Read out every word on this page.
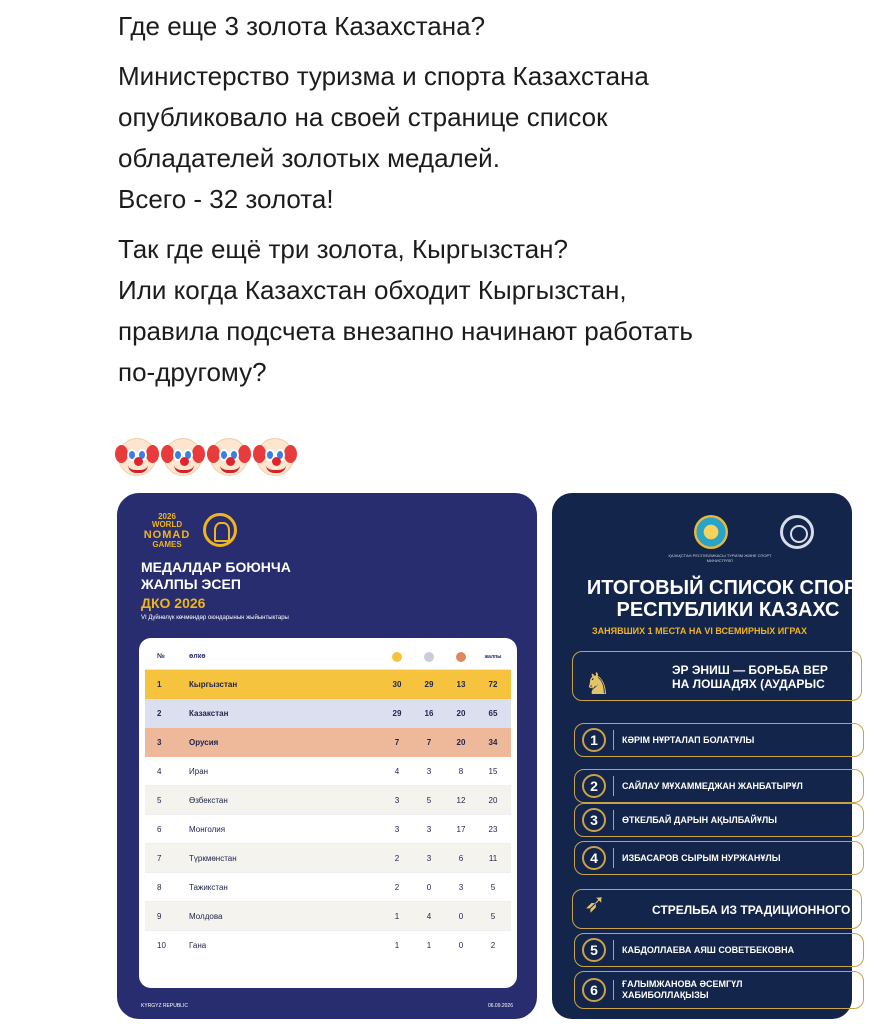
Где еще 3 золота Казахстана?

Министерство туризма и спорта Казахстана

опубликовало на своей странице список

обладателей золотых медалей.

Всего - 32 золота!

Так где ещё три золота, Кыргызстан?

Или когда Казахстан обходит Кыргызстан,

правила подсчета внезапно начинают работать

по-другому?

2026
WORLD
NOMAD
GAMES
МЕДАЛДАР БОЮНЧА
ЖАЛПЫ ЭСЕП
ДКО 2026
VI Дүйнөлүк көчмөндөр оюндарынын жыйынтыктары
№	өлкө	жалпы
1	Кыргызстан	30	29	13	72
2	Казакстан	29	16	20	65
3	Орусия	7	7	20	34
4	Иран	4	3	8	15
5	Өзбекстан	3	5	12	20
6	Монголия	3	3	17	23
7	Түркмөнстан	2	3	6	11
8	Тажикстан	2	0	3	5
9	Молдова	1	4	0	5
10	Гана	1	1	0	2
KYRGYZ REPUBLIC	06.09.2026
ҚАЗАҚСТАН РЕСПУБЛИКАСЫ ТУРИЗМ ЖӘНЕ СПОРТ МИНИСТРЛІГІ
ИТОГОВЫЙ СПИСОК СПОРТ
РЕСПУБЛИКИ КАЗАХС
ЗАНЯВШИХ 1 МЕСТА НА VI ВСЕМИРНЫХ ИГРАХ
♞	ЭР ЭНИШ — БОРЬБА ВЕР
НА ЛОШАДЯХ (АУДАРЫС
1	КӘРІМ НҰРТАЛАП БОЛАТҰЛЫ
2	САЙЛАУ МҰХАММЕДЖАН ЖАНБАТЫРҰЛ
3	ӨТКЕЛБАЙ ДАРЫН АҚЫЛБАЙҰЛЫ
4	ИЗБАСАРОВ СЫРЫМ НУРЖАНҰЛЫ
➶	СТРЕЛЬБА ИЗ ТРАДИЦИОННОГО
5	КАБДОЛЛАЕВА АЯШ СОВЕТБЕКОВНА
6	ҒАЛЫМЖАНОВА ӘСЕМГҮЛ
ХАБИБОЛЛАҚЫЗЫ
